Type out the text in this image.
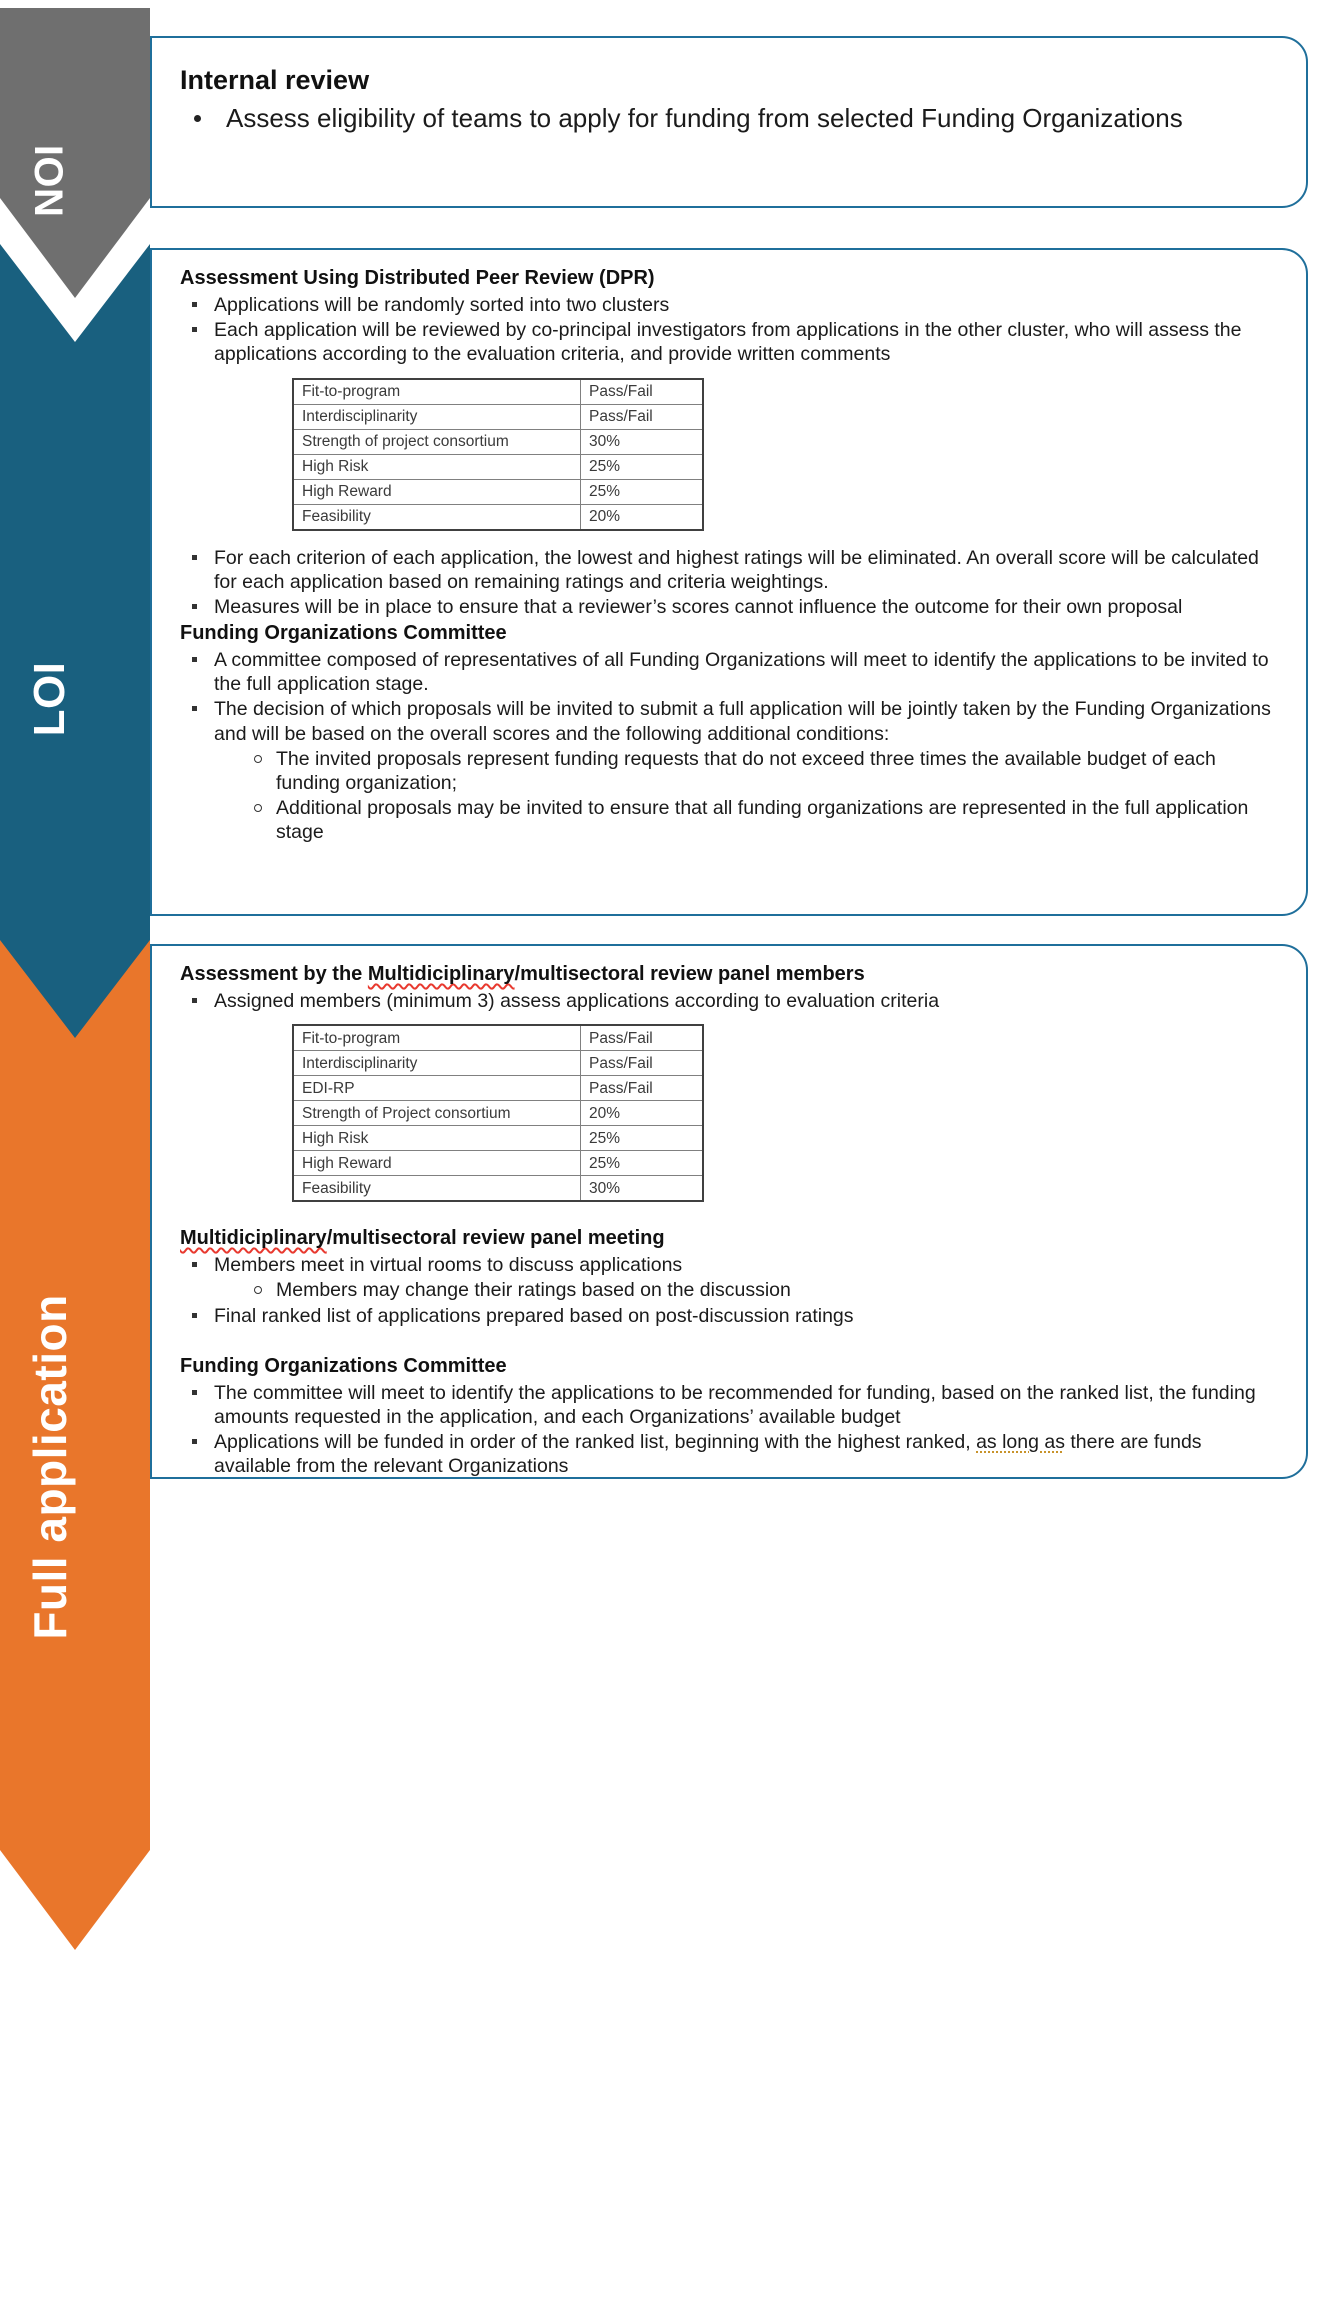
NOI
LOI
Full application
Internal review
Assess eligibility of teams to apply for funding from selected Funding Organizations
Assessment Using Distributed Peer Review (DPR)
Applications will be randomly sorted into two clusters
Each application will be reviewed by co-principal investigators from applications in the other cluster, who will assess the applications according to the evaluation criteria, and provide written comments
Fit-to-program	Pass/Fail
Interdisciplinarity	Pass/Fail
Strength of project consortium	30%
High Risk	25%
High Reward	25%
Feasibility	20%
For each criterion of each application, the lowest and highest ratings will be eliminated. An overall score will be calculated for each application based on remaining ratings and criteria weightings.
Measures will be in place to ensure that a reviewer’s scores cannot influence the outcome for their own proposal
Funding Organizations Committee
A committee composed of representatives of all Funding Organizations will meet to identify the applications to be invited to the full application stage.
The decision of which proposals will be invited to submit a full application will be jointly taken by the Funding Organizations and will be based on the overall scores and the following additional conditions:
The invited proposals represent funding requests that do not exceed three times the available budget of each funding organization;
Additional proposals may be invited to ensure that all funding organizations are represented in the full application stage
Assessment by the Multidiciplinary/multisectoral review panel members
Assigned members (minimum 3) assess applications according to evaluation criteria
Fit-to-program	Pass/Fail
Interdisciplinarity	Pass/Fail
EDI-RP	Pass/Fail
Strength of Project consortium	20%
High Risk	25%
High Reward	25%
Feasibility	30%
Multidiciplinary/multisectoral review panel meeting
Members meet in virtual rooms to discuss applications
Members may change their ratings based on the discussion
Final ranked list of applications prepared based on post-discussion ratings
Funding Organizations Committee
The committee will meet to identify the applications to be recommended for funding, based on the ranked list, the funding amounts requested in the application, and each Organizations’ available budget
Applications will be funded in order of the ranked list, beginning with the highest ranked, as long as there are funds available from the relevant Organizations
